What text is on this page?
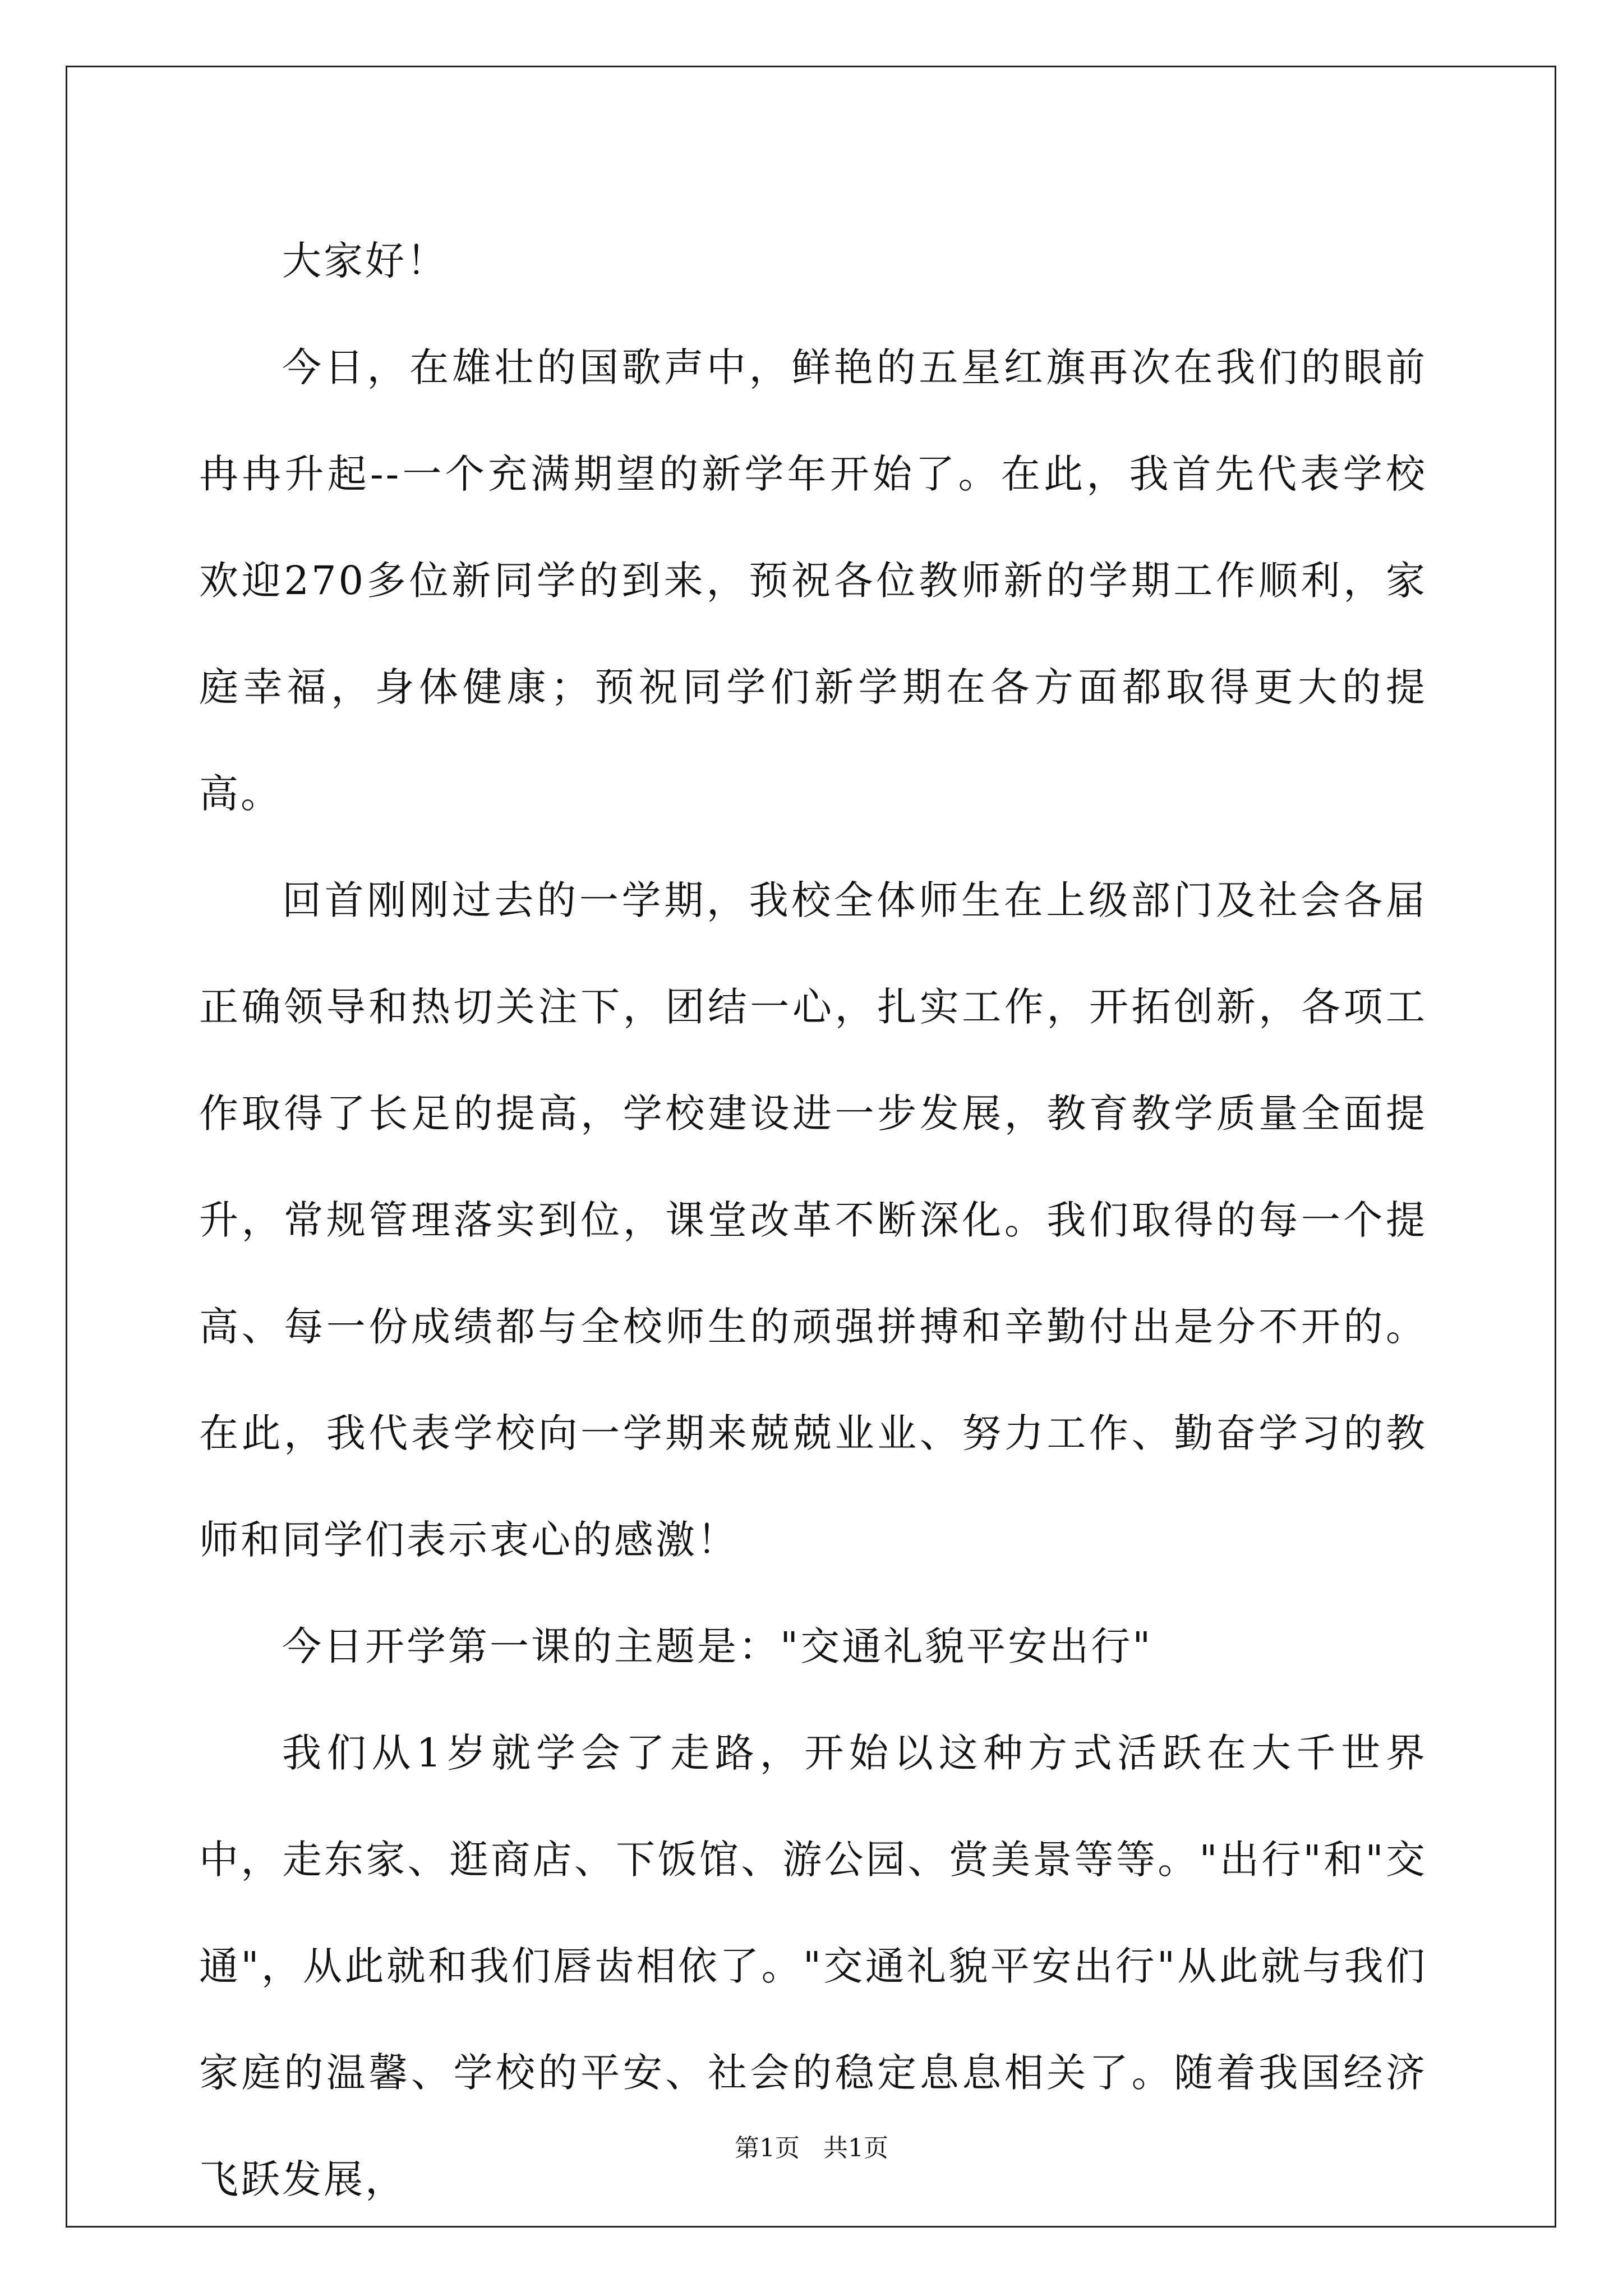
大家好！

今日，在雄壮的国歌声中，鲜艳的五星红旗再次在我们的眼前冉冉升起--一个充满期望的新学年开始了。在此，我首先代表学校欢迎270多位新同学的到来，预祝各位教师新的学期工作顺利，家庭幸福，身体健康；预祝同学们新学期在各方面都取得更大的提高。

回首刚刚过去的一学期，我校全体师生在上级部门及社会各届正确领导和热切关注下，团结一心，扎实工作，开拓创新，各项工作取得了长足的提高，学校建设进一步发展，教育教学质量全面提升，常规管理落实到位，课堂改革不断深化。我们取得的每一个提高、每一份成绩都与全校师生的顽强拼搏和辛勤付出是分不开的。在此，我代表学校向一学期来兢兢业业、努力工作、勤奋学习的教师和同学们表示衷心的感激！

今日开学第一课的主题是："交通礼貌平安出行"

我们从1岁就学会了走路，开始以这种方式活跃在大千世界中，走东家、逛商店、下饭馆、游公园、赏美景等等。"出行"和"交通"，从此就和我们唇齿相依了。"交通礼貌平安出行"从此就与我们家庭的温馨、学校的平安、社会的稳定息息相关了。随着我国经济飞跃发展，

第1页   共1页
